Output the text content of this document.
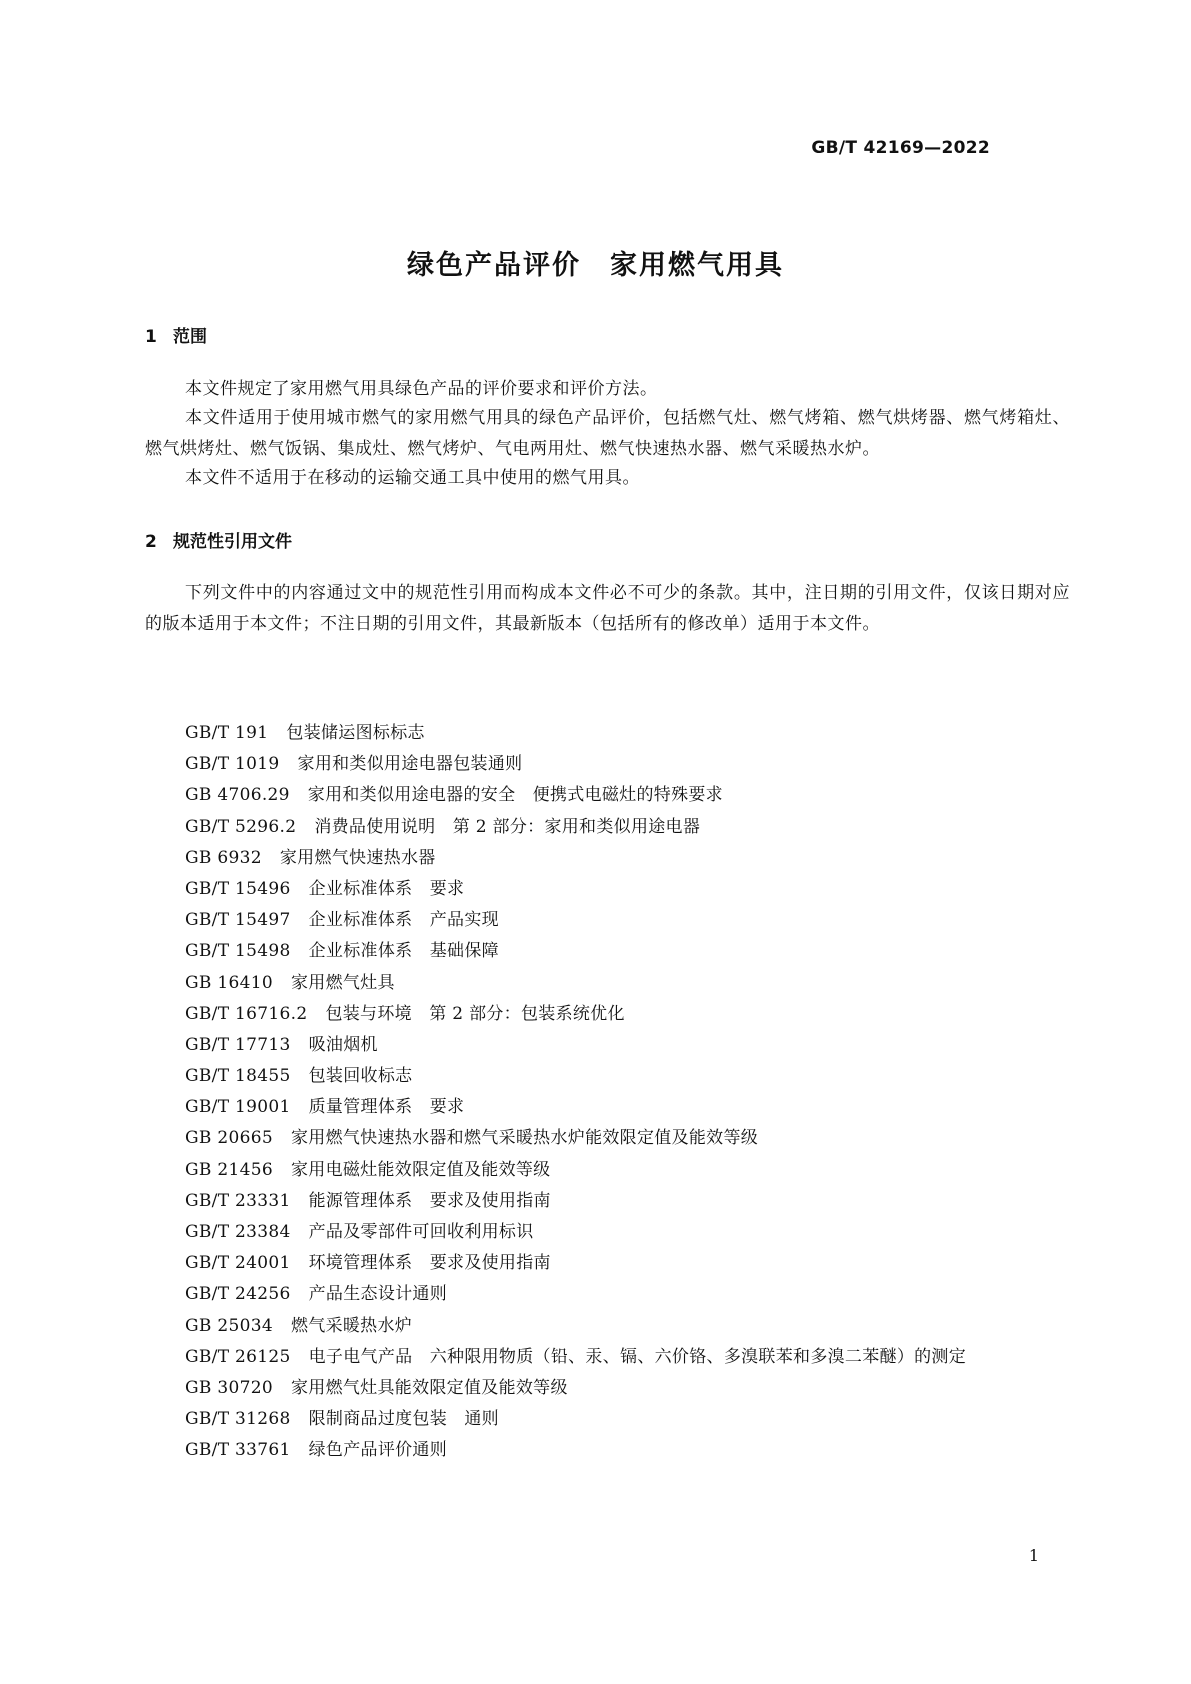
GB/T 42169—2022
绿色产品评价　家用燃气用具
1 范围
本文件规定了家用燃气用具绿色产品的评价要求和评价方法。
本文件适用于使用城市燃气的家用燃气用具的绿色产品评价，包括燃气灶、燃气烤箱、燃气烘烤器、燃气烤箱灶、燃气烘烤灶、燃气饭锅、集成灶、燃气烤炉、气电两用灶、燃气快速热水器、燃气采暖热水炉。
本文件不适用于在移动的运输交通工具中使用的燃气用具。
2 规范性引用文件
下列文件中的内容通过文中的规范性引用而构成本文件必不可少的条款。其中，注日期的引用文件，仅该日期对应的版本适用于本文件；不注日期的引用文件，其最新版本（包括所有的修改单）适用于本文件。
GB/T 191 包装储运图标标志
GB/T 1019 家用和类似用途电器包装通则
GB 4706.29 家用和类似用途电器的安全　便携式电磁灶的特殊要求
GB/T 5296.2 消费品使用说明　第 2 部分：家用和类似用途电器
GB 6932 家用燃气快速热水器
GB/T 15496 企业标准体系　要求
GB/T 15497 企业标准体系　产品实现
GB/T 15498 企业标准体系　基础保障
GB 16410 家用燃气灶具
GB/T 16716.2 包装与环境　第 2 部分：包装系统优化
GB/T 17713 吸油烟机
GB/T 18455 包装回收标志
GB/T 19001 质量管理体系　要求
GB 20665 家用燃气快速热水器和燃气采暖热水炉能效限定值及能效等级
GB 21456 家用电磁灶能效限定值及能效等级
GB/T 23331 能源管理体系　要求及使用指南
GB/T 23384 产品及零部件可回收利用标识
GB/T 24001 环境管理体系　要求及使用指南
GB/T 24256 产品生态设计通则
GB 25034 燃气采暖热水炉
GB/T 26125 电子电气产品　六种限用物质（铅、汞、镉、六价铬、多溴联苯和多溴二苯醚）的测定
GB 30720 家用燃气灶具能效限定值及能效等级
GB/T 31268 限制商品过度包装　通则
GB/T 33761 绿色产品评价通则
1
